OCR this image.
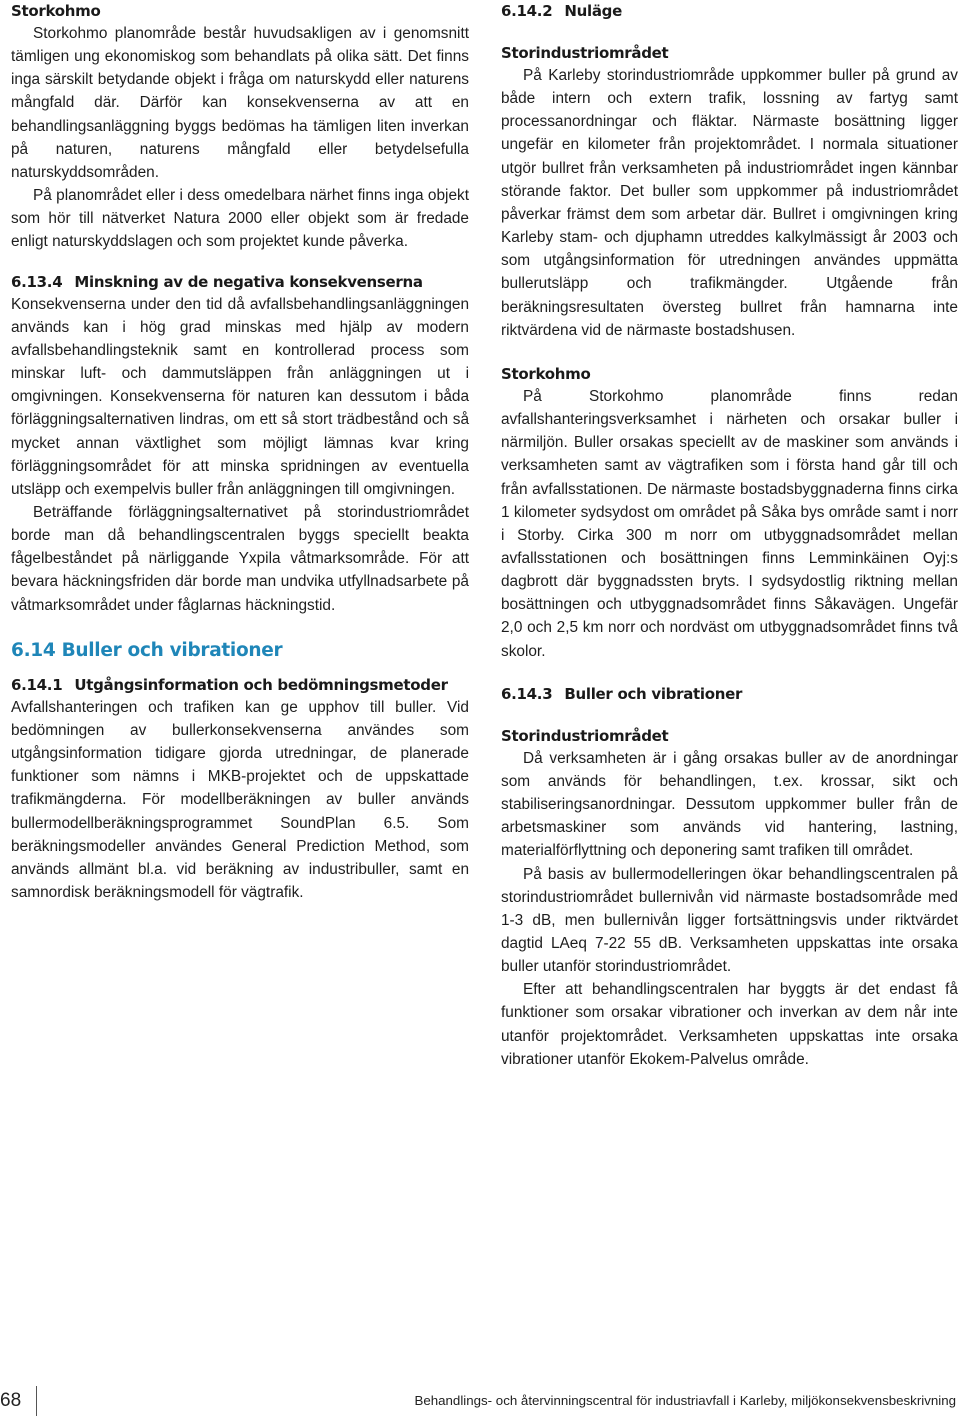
Storkohmo

Storkohmo planområde består huvudsakligen av i genomsnitt tämligen ung ekonomiskog som behandlats på olika sätt. Det finns inga särskilt betydande objekt i fråga om naturskydd eller naturens mångfald där. Därför kan konsekvenserna av att en behandlingsanläggning byggs bedömas ha tämligen liten inverkan på naturen, naturens mångfald eller betydelsefulla naturskyddsområden.

På planområdet eller i dess omedelbara närhet finns inga objekt som hör till nätverket Natura 2000 eller objekt som är fredade enligt naturskyddslagen och som projektet kunde påverka.

6.13.4 Minskning av de negativa konsekvenserna

Konsekvenserna under den tid då avfallsbehandlingsanläggningen används kan i hög grad minskas med hjälp av modern avfallsbehandlingsteknik samt en kontrollerad process som minskar luft- och dammutsläppen från anläggningen ut i omgivningen. Konsekvenserna för naturen kan dessutom i båda förläggningsalternativen lindras, om ett så stort trädbestånd och så mycket annan växtlighet som möjligt lämnas kvar kring förläggningsområdet för att minska spridningen av eventuella utsläpp och exempelvis buller från anläggningen till omgivningen.

Beträffande förläggningsalternativet på storindustriområdet borde man då behandlingscentralen byggs speciellt beakta fågelbeståndet på närliggande Yxpila våtmarksområde. För att bevara häckningsfriden där borde man undvika utfyllnadsarbete på våtmarksområdet under fåglarnas häckningstid.

6.14 Buller och vibrationer
6.14.1 Utgångsinformation och bedömningsmetoder

Avfallshanteringen och trafiken kan ge upphov till buller. Vid bedömningen av bullerkonsekvenserna användes som utgångsinformation tidigare gjorda utredningar, de planerade funktioner som nämns i MKB-projektet och de uppskattade trafikmängderna. För modellberäkningen av buller används bullermodellberäkningsprogrammet SoundPlan 6.5. Som beräkningsmodeller användes General Prediction Method, som används allmänt bl.a. vid beräkning av industribuller, samt en samnordisk beräkningsmodell för vägtrafik.

6.14.2 Nuläge
Storindustriområdet

På Karleby storindustriområde uppkommer buller på grund av både intern och extern trafik, lossning av fartyg samt processanordningar och fläktar. Närmaste bosättning ligger ungefär en kilometer från projektområdet. I normala situationer utgör bullret från verksamheten på industriområdet ingen kännbar störande faktor. Det buller som uppkommer på industriområdet påverkar främst dem som arbetar där. Bullret i omgivningen kring Karleby stam- och djuphamn utreddes kalkylmässigt år 2003 och som utgångsinformation för utredningen användes uppmätta bullerutsläpp och trafikmängder. Utgående från beräkningsresultaten översteg bullret från hamnarna inte riktvärdena vid de närmaste bostadshusen.

Storkohmo

På Storkohmo planområde finns redan avfallshanteringsverksamhet i närheten och orsakar buller i närmiljön. Buller orsakas speciellt av de maskiner som används i verksamheten samt av vägtrafiken som i första hand går till och från avfallsstationen. De närmaste bostadsbyggnaderna finns cirka 1 kilometer sydsydost om området på Såka bys område samt i norr i Storby. Cirka 300 m norr om utbyggnadsområdet mellan avfallsstationen och bosättningen finns Lemminkäinen Oyj:s dagbrott där byggnadssten bryts. I sydsydostlig riktning mellan bosättningen och utbyggnadsområdet finns Såkavägen. Ungefär 2,0 och 2,5 km norr och nordväst om utbyggnadsområdet finns två skolor.

6.14.3 Buller och vibrationer
Storindustriområdet

Då verksamheten är i gång orsakas buller av de anordningar som används för behandlingen, t.ex. krossar, sikt och stabiliseringsanordningar. Dessutom uppkommer buller från de arbetsmaskiner som används vid hantering, lastning, materialförflyttning och deponering samt trafiken till området.

På basis av bullermodelleringen ökar behandlingscentralen på storindustriområdet bullernivån vid närmaste bostadsområde med 1-3 dB, men bullernivån ligger fortsättningsvis under riktvärdet dagtid LAeq 7-22 55 dB. Verksamheten uppskattas inte orsaka buller utanför storindustriområdet.

Efter att behandlingscentralen har byggts är det endast få funktioner som orsakar vibrationer och inverkan av dem når inte utanför projektområdet. Verksamheten uppskattas inte orsaka vibrationer utanför Ekokem-Palvelus område.

68	Behandlings- och återvinningscentral för industriavfall i Karleby, miljökonsekvensbeskrivning
